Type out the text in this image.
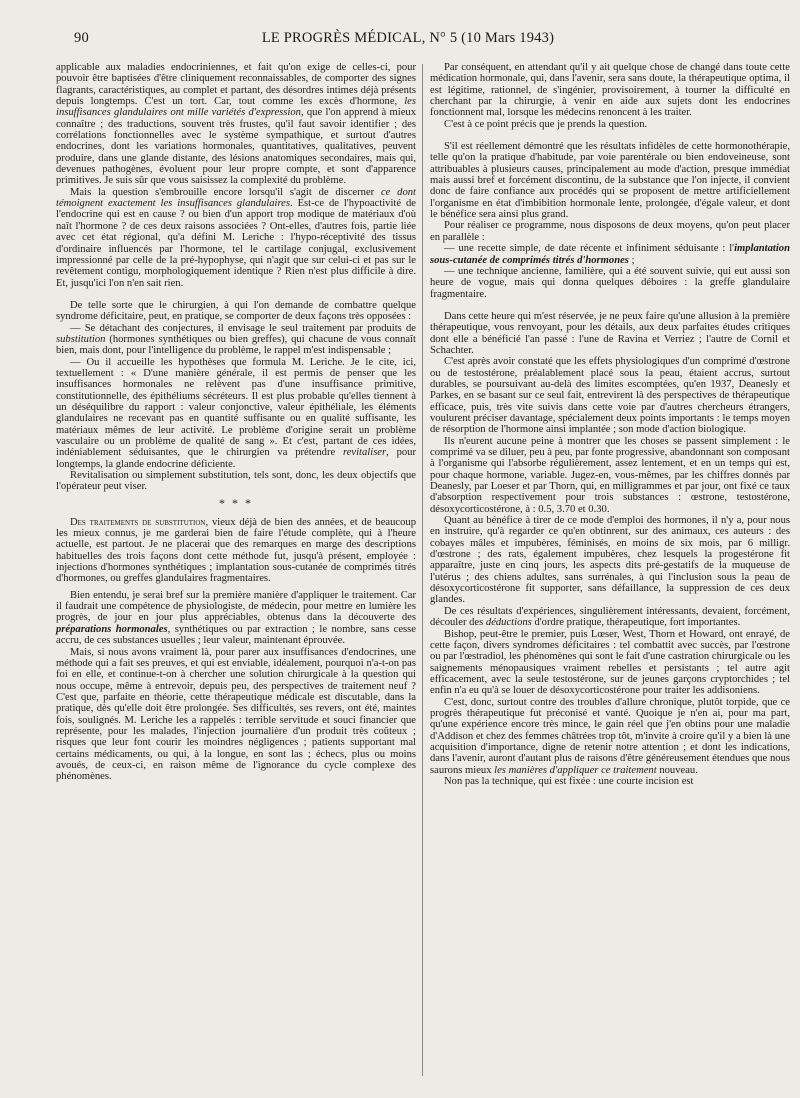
90	LE PROGRÈS MÉDICAL, N° 5 (10 Mars 1943)

applicable aux maladies endocriniennes, et fait qu'on exige de celles-ci, pour pouvoir être baptisées d'être cliniquement reconnaissables, de comporter des signes flagrants, caractéristiques, au complet et partant, des désordres intimes déjà présents depuis longtemps. C'est un tort. Car, tout comme les excès d'hormone, les insuffisances glandulaires ont mille variétés d'expression, que l'on apprend à mieux connaître ; des traductions, souvent très frustes, qu'il faut savoir identifier ; des corrélations fonctionnelles avec le système sympathique, et surtout d'autres endocrines, dont les variations hormonales, quantitatives, qualitatives, peuvent produire, dans une glande distante, des lésions anatomiques secondaires, mais qui, devenues pathogènes, évoluent pour leur propre compte, et sont d'apparence primitives. Je suis sûr que vous saisissez la complexité du problème.

Mais la question s'embrouille encore lorsqu'il s'agit de discerner ce dont témoignent exactement les insuffisances glandulaires. Est-ce de l'hypoactivité de l'endocrine qui est en cause ? ou bien d'un apport trop modique de matériaux d'où naît l'hormone ? de ces deux raisons associées ? Ont-elles, d'autres fois, partie liée avec cet état régional, qu'a défini M. Leriche : l'hypo-réceptivité des tissus d'ordinaire influencés par l'hormone, tel le cartilage conjugal, exclusivement impressionné par celle de la pré-hypophyse, qui n'agit que sur celui-ci et pas sur le revêtement contigu, morphologiquement identique ? Rien n'est plus difficile à dire. Et, jusqu'ici l'on n'en sait rien.

De telle sorte que le chirurgien, à qui l'on demande de combattre quelque syndrome déficitaire, peut, en pratique, se comporter de deux façons très opposées :

— Se détachant des conjectures, il envisage le seul traitement par produits de substitution (hormones synthétiques ou bien greffes), qui chacune de vous connaît bien, mais dont, pour l'intelligence du problème, le rappel m'est indispensable ;

— Ou il accueille les hypothèses que formula M. Leriche. Je le cite, ici, textuellement : « D'une manière générale, il est permis de penser que les insuffisances hormonales ne relèvent pas d'une insuffisance primitive, constitutionnelle, des épithéliums sécréteurs. Il est plus probable qu'elles tiennent à un déséquilibre du rapport : valeur conjonctive, valeur épithéliale, les éléments glandulaires ne recevant pas en quantité suffisante ou en qualité suffisante, les matériaux mêmes de leur activité. Le problème d'origine serait un problème vasculaire ou un problème de qualité de sang ». Et c'est, partant de ces idées, indéniablement séduisantes, que le chirurgien va prétendre revitaliser, pour longtemps, la glande endocrine déficiente.

Revitalisation ou simplement substitution, tels sont, donc, les deux objectifs que l'opérateur peut viser.

* * *

Des traitements de substitution, vieux déjà de bien des années, et de beaucoup les mieux connus, je me garderai bien de faire l'étude complète, qui à l'heure actuelle, est partout. Je ne placerai que des remarques en marge des descriptions habituelles des trois façons dont cette méthode fut, jusqu'à présent, employée : injections d'hormones synthétiques ; implantation sous-cutanée de comprimés titrés d'hormones, ou greffes glandulaires fragmentaires.

Bien entendu, je serai bref sur la première manière d'appliquer le traitement. Car il faudrait une compétence de physiologiste, de médecin, pour mettre en lumière les progrès, de jour en jour plus appréciables, obtenus dans la découverte des préparations hormonales, synthétiques ou par extraction ; le nombre, sans cesse accru, de ces substances usuelles ; leur valeur, maintenant éprouvée.

Mais, si nous avons vraiment là, pour parer aux insuffisances d'endocrines, une méthode qui a fait ses preuves, et qui est enviable, idéalement, pourquoi n'a-t-on pas foi en elle, et continue-t-on à chercher une solution chirurgicale à la question qui nous occupe, même à entrevoir, depuis peu, des perspectives de traitement neuf ? C'est que, parfaite en théorie, cette thérapeutique médicale est discutable, dans la pratique, dès qu'elle doit être prolongée. Ses difficultés, ses revers, ont été, maintes fois, soulignés. M. Leriche les a rappelés : terrible servitude et souci financier que représente, pour les malades, l'injection journalière d'un produit très coûteux ; risques que leur font courir les moindres négligences ; patients supportant mal certains médicaments, ou qui, à la longue, en sont las ; échecs, plus ou moins avoués, de ceux-ci, en raison même de l'ignorance du cycle complexe des phénomènes.

Par conséquent, en attendant qu'il y ait quelque chose de changé dans toute cette médication hormonale, qui, dans l'avenir, sera sans doute, la thérapeutique optima, il est légitime, rationnel, de s'ingénier, provisoirement, à tourner la difficulté en cherchant par la chirurgie, à venir en aide aux sujets dont les endocrines fonctionnent mal, lorsque les médecins renoncent à les traiter.

C'est à ce point précis que je prends la question.

S'il est réellement démontré que les résultats infidèles de cette hormonothérapie, telle qu'on la pratique d'habitude, par voie parentérale ou bien endoveineuse, sont attribuables à plusieurs causes, principalement au mode d'action, presque immédiat mais aussi bref et forcément discontinu, de la substance que l'on injecte, il convient donc de faire confiance aux procédés qui se proposent de mettre artificiellement l'organisme en état d'imbibition hormonale lente, prolongée, d'égale valeur, et dont le bénéfice sera ainsi plus grand.

Pour réaliser ce programme, nous disposons de deux moyens, qu'on peut placer en parallèle :

— une recette simple, de date récente et infiniment séduisante : l'implantation sous-cutanée de comprimés titrés d'hormones ;

— une technique ancienne, familière, qui a été souvent suivie, qui eut aussi son heure de vogue, mais qui donna quelques déboires : la greffe glandulaire fragmentaire.

Dans cette heure qui m'est réservée, je ne peux faire qu'une allusion à la première thérapeutique, vous renvoyant, pour les détails, aux deux parfaites études critiques dont elle a bénéficié l'an passé : l'une de Ravina et Verriez ; l'autre de Cornil et Schachter.

C'est après avoir constaté que les effets physiologiques d'un comprimé d'œstrone ou de testostérone, préalablement placé sous la peau, étaient accrus, surtout durables, se poursuivant au-delà des limites escomptées, qu'en 1937, Deanesly et Parkes, en se basant sur ce seul fait, entrevirent là des perspectives de thérapeutique efficace, puis, très vite suivis dans cette voie par d'autres chercheurs étrangers, voulurent préciser davantage, spécialement deux points importants : le temps moyen de résorption de l'hormone ainsi implantée ; son mode d'action biologique.

Ils n'eurent aucune peine à montrer que les choses se passent simplement : le comprimé va se diluer, peu à peu, par fonte progressive, abandonnant son composant à l'organisme qui l'absorbe régulièrement, assez lentement, et en un temps qui est, pour chaque hormone, variable. Jugez-en, vous-mêmes, par les chiffres donnés par Deanesly, par Loeser et par Thorn, qui, en milligrammes et par jour, ont fixé ce taux d'absorption respectivement pour trois substances : œstrone, testostérone, désoxycorticostérone, à : 0.5, 3.70 et 0.30.

Quant au bénéfice à tirer de ce mode d'emploi des hormones, il n'y a, pour nous en instruire, qu'à regarder ce qu'en obtinrent, sur des animaux, ces auteurs : des cobayes mâles et impubères, féminisés, en moins de six mois, par 6 milligr. d'œstrone ; des rats, également impubères, chez lesquels la progestérone fit apparaître, juste en cinq jours, les aspects dits pré-gestatifs de la muqueuse de l'utérus ; des chiens adultes, sans surrénales, à qui l'inclusion sous la peau de désoxycorticostérone fit supporter, sans défaillance, la suppression de ces deux glandes.

De ces résultats d'expériences, singulièrement intéressants, devaient, forcément, découler des déductions d'ordre pratique, thérapeutique, fort importantes.

Bishop, peut-être le premier, puis Lœser, West, Thorn et Howard, ont enrayé, de cette façon, divers syndromes déficitaires : tel combattit avec succès, par l'œstrone ou par l'œstradiol, les phénomènes qui sont le fait d'une castration chirurgicale ou les saignements ménopausiques vraiment rebelles et persistants ; tel autre agit efficacement, avec la seule testostérone, sur de jeunes garçons cryptorchides ; tel enfin n'a eu qu'à se louer de désoxycorticostérone pour traiter les addisoniens.

C'est, donc, surtout contre des troubles d'allure chronique, plutôt torpide, que ce progrès thérapeutique fut préconisé et vanté. Quoique je n'en ai, pour ma part, qu'une expérience encore très mince, le gain réel que j'en obtins pour une maladie d'Addison et chez des femmes châtrées trop tôt, m'invite à croire qu'il y a bien là une acquisition d'importance, digne de retenir notre attention ; et dont les indications, dans l'avenir, auront d'autant plus de raisons d'être généreusement étendues que nous saurons mieux les manières d'appliquer ce traitement nouveau.

Non pas la technique, qui est fixée : une courte incision est
